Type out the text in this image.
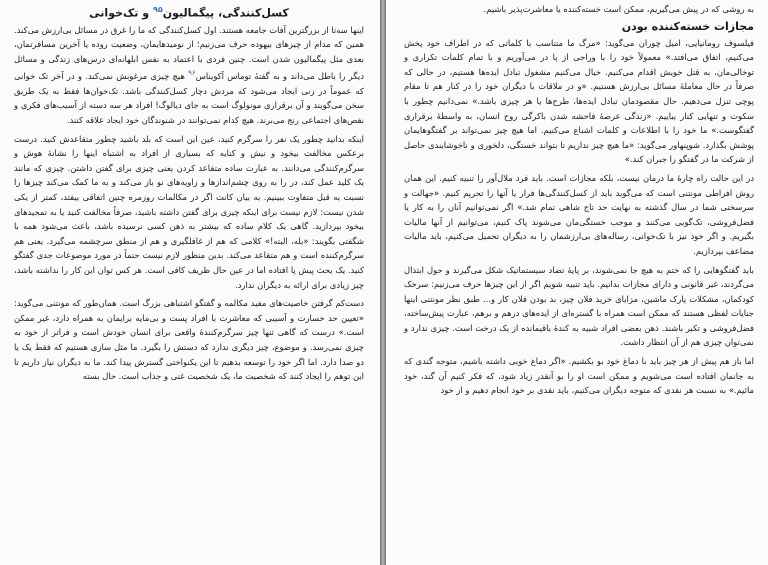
کسل‌کنندگی، پیگمالیون$^{۹۵}$ و تک‌خوانی

اینها سه‌تا از بزرگترین آفات جامعه هستند. اول کسل‌کنندگی که ما را غرق در مسائل بی‌ارزش می‌کند. همین که مدام از چیزهای بیهوده حرف می‌زنیم؛ از نومیدهایمان، وضعیت روده یا آخرین مسافرتمان، بعدی مثل پیگمالیون شدن است. چنین فردی با اعتماد به نفس ابلهانه‌ای درس‌های زندگی و مسائل دیگر را باطل می‌داند و به گفتهٔ توماس آکویناس$^{۹۶}$ هیچ چیزی مرغوبش نمی‌کند. و در آخر تک خوانی که عموماً در زنی ایجاد می‌شود که مردش دچار کسل‌کنندگی باشد. تک‌خوان‌ها فقط به یک طریق سخن می‌گویند و آن برقراری مونولوگ است به جای دیالوگ! افراد هر سه دسته از آسیب‌های فکری و نقص‌های اجتماعی رنج می‌برند. هیچ کدام نمی‌توانند در شنوندگان خود ایجاد علاقه کنند.

اینکه بدانید چطور یک نفر را سرگرم کنید، عین این است که بلد باشید چطور متقاعدش کنید. درست برعکس مخالفت بیخود و نیش و کنایه که بسیاری از افراد به اشتباه اینها را نشانهٔ هوش و سرگرم‌کنندگی می‌دانند. به عبارت ساده متقاعد کردن یعنی چیزی برای گفتن داشتن. چیزی که مانند یک کلید عمل کند، در را به روی چشم‌اندازها و زاویه‌های نو باز می‌کند و به ما کمک می‌کند چیزها را نسبت به قبل متفاوت ببینیم. به بیان کانت اگر در مکالمات روزمره چنین اتفاقی بیفتد، کمتر از یکی شدن نیست: لازم نیست برای اینکه چیزی برای گفتن داشته باشید، صرفاً مخالفت کنید یا به تمجیدهای بیخود بپردازید. گاهی یک کلام ساده که بیشتر به ذهن کسی نرسیده باشد، باعث می‌شود همه با شگفتی بگویند: «بله، البته!» کلامی که هم از غافلگیری و هم از منطق سرچشمه می‌گیرد. یعنی هم سرگرم‌کننده است و هم متقاعد می‌کند. بدین منظور لازم نیست حتماً در مورد موضوعات جدی گفتگو کنید. یک بحث پیش پا افتاده اما در عین حال ظریف کافی است. هر کس توان این کار را نداشته باشد، چیز زیادی برای ارائه به دیگران ندارد.

دست‌کم گرفتن خاصیت‌های مفید مکالمه و گفتگو اشتباهی بزرگ است. همان‌طور که مونتنی می‌گوید: «تعیین حد خسارت و آسیبی که معاشرت با افراد پست و بی‌مایه برایمان به همراه دارد، غیر ممکن است.» درست که گاهی تنها چیز سرگرم‌کنندهٔ واقعی برای انسان خودش است و فراتر از خود به چیزی نمی‌رسد. و موضوع، چیز دیگری ندارد که دستش را بگیرد. ما مثل سازی هستیم که فقط یک یا دو صدا دارد. اما اگر خود را توسعه بدهیم تا این یکنواختی گسترش پیدا کند. ما به دیگران نیاز داریم تا این توهم را ایجاد کنند که شخصیت ما، یک شخصیت غنی و جذاب است. حال بسته

به روشی که در پیش می‌گیریم، ممکن است خسته‌کننده یا معاشرت‌پذیر باشیم.

مجازات خسته‌کننده بودن

فیلسوف رومانیایی، امیل چوران می‌گوید: «مرگ ما متناسب با کلماتی که در اطراف خود پخش می‌کنیم، اتفاق می‌افتد.» معمولاً خود را با وراجی از پا در می‌آوریم و با تمام کلمات تکراری و توخالی‌مان، به قتل خویش اقدام می‌کنیم. خیال می‌کنیم مشغول تبادل ایده‌ها هستیم، در حالی که صرفاً در حال معاملهٔ مسائل بی‌ارزش هستیم. «و در ملاقات با دیگران خود را در کنار هم تا مقام پوچی تنزل می‌دهیم. حال مقصودمان تبادل ایده‌ها، طرح‌ها یا هر چیزی باشد.» نمی‌دانیم چطور با سکوت و تنهایی کنار بیاییم. «زندگی عرصهٔ فاحشه شدن باکرگی روح انسان، به واسطهٔ برقراری گفتگوست.» ما خود را با اطلاعات و کلمات اشباع می‌کنیم. اما هیچ چیز نمی‌تواند بر گفتگوهایمان پوشش بگذارد. شوپنهاور می‌گوید: «ما هیچ چیز نداریم تا بتواند خستگی، دلخوری و ناخوشایندی حاصل از شرکت ما در گفتگو را جبران کند.»

در این حالت راه چارهٔ ما درمان نیست، بلکه مجازات است. باید فرد ملال‌آور را تنبیه کنیم. این همان روش افراطی مونتنی است که می‌گوید باید از کسل‌کنندگی‌ها فرار یا آنها را تحریم کنیم. «جهالت و سرسختی شما در سال گذشته به نهایت حد تاج شاهی تمام شد.» اگر نمی‌توانیم آنان را به کار یا فضل‌فروشی، تک‌گویی می‌کنند و موجب خستگی‌مان می‌شوند پاک کنیم، می‌توانیم از آنها مالیات بگیریم. و اگر خود نیز با تک‌خوانی، رساله‌های بی‌ارزشمان را به دیگران تحمیل می‌کنیم، باید مالیات مضاعف بپردازیم.

باید گفتگوهایی را که ختم به هیچ جا نمی‌شوند، بر پایهٔ تضاد سیستماتیک شکل می‌گیرند و حول ابتذال می‌گردند، غیر قانونی و دارای مجازات بدانیم. باید تنبیه شویم اگر از این چیزها حرف می‌زنیم: سرخک کودکمان، مشکلات پارک ماشین، مزایای خرید فلان چیز، بد بودن فلان کار و... طبق نظر مونتنی اینها جنایات لفظی هستند که ممکن است همراه با گستره‌ای از ایده‌های درهم و برهم، عبارت پیش‌ساخته، فضل‌فروشی و تکبر باشند. ذهن بعضی افراد شبیه به کندهٔ باقیمانده از یک درخت است. چیزی ندارد و نمی‌توان چیزی هم از آن انتظار داشت.

اما باز هم پیش از هر چیز باید با دماغ خود بو بکشیم. «اگر دماغ خوبی داشته باشیم، متوجه گندی که به جانمان افتاده است می‌شویم و ممکن است او را بو آنقدر زیاد شود، که فکر کنیم آن گند، خود مائیم.» به نسبت هر نقدی که متوجه دیگران می‌کنیم، باید نقدی بر خود انجام دهیم و از خود
